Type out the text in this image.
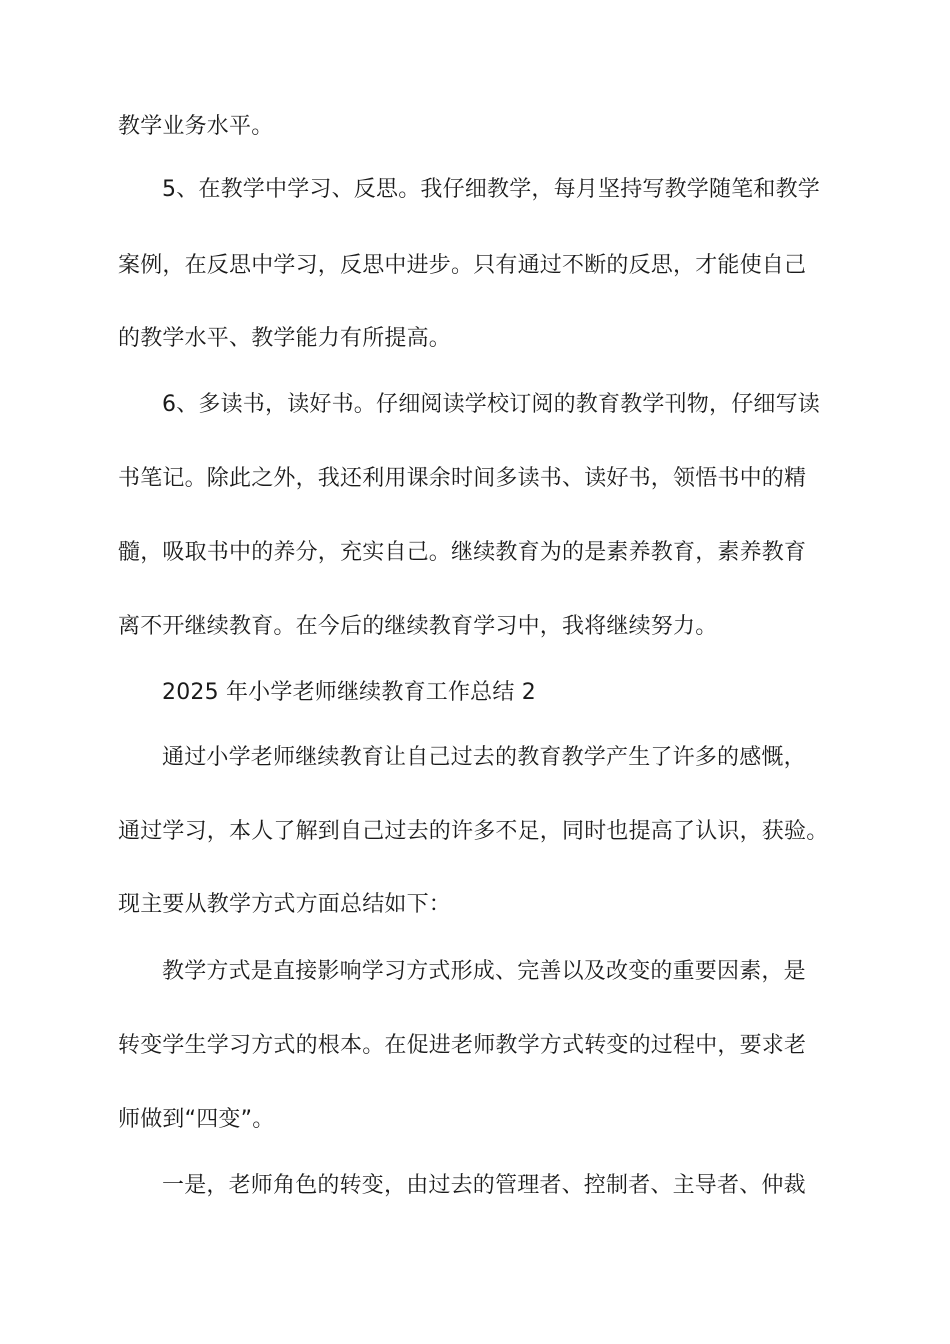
教学业务水平。
5、在教学中学习、反思。我仔细教学，每月坚持写教学随笔和教学
案例，在反思中学习，反思中进步。只有通过不断的反思，才能使自己
的教学水平、教学能力有所提高。
6、多读书，读好书。仔细阅读学校订阅的教育教学刊物，仔细写读
书笔记。除此之外，我还利用课余时间多读书、读好书，领悟书中的精
髓，吸取书中的养分，充实自己。继续教育为的是素养教育，素养教育
离不开继续教育。在今后的继续教育学习中，我将继续努力。
2025 年小学老师继续教育工作总结 2
通过小学老师继续教育让自己过去的教育教学产生了许多的感慨，
通过学习，本人了解到自己过去的许多不足，同时也提高了认识，获验。
现主要从教学方式方面总结如下：
教学方式是直接影响学习方式形成、完善以及改变的重要因素，是
转变学生学习方式的根本。在促进老师教学方式转变的过程中，要求老
师做到“四变”。
一是，老师角色的转变，由过去的管理者、控制者、主导者、仲裁
